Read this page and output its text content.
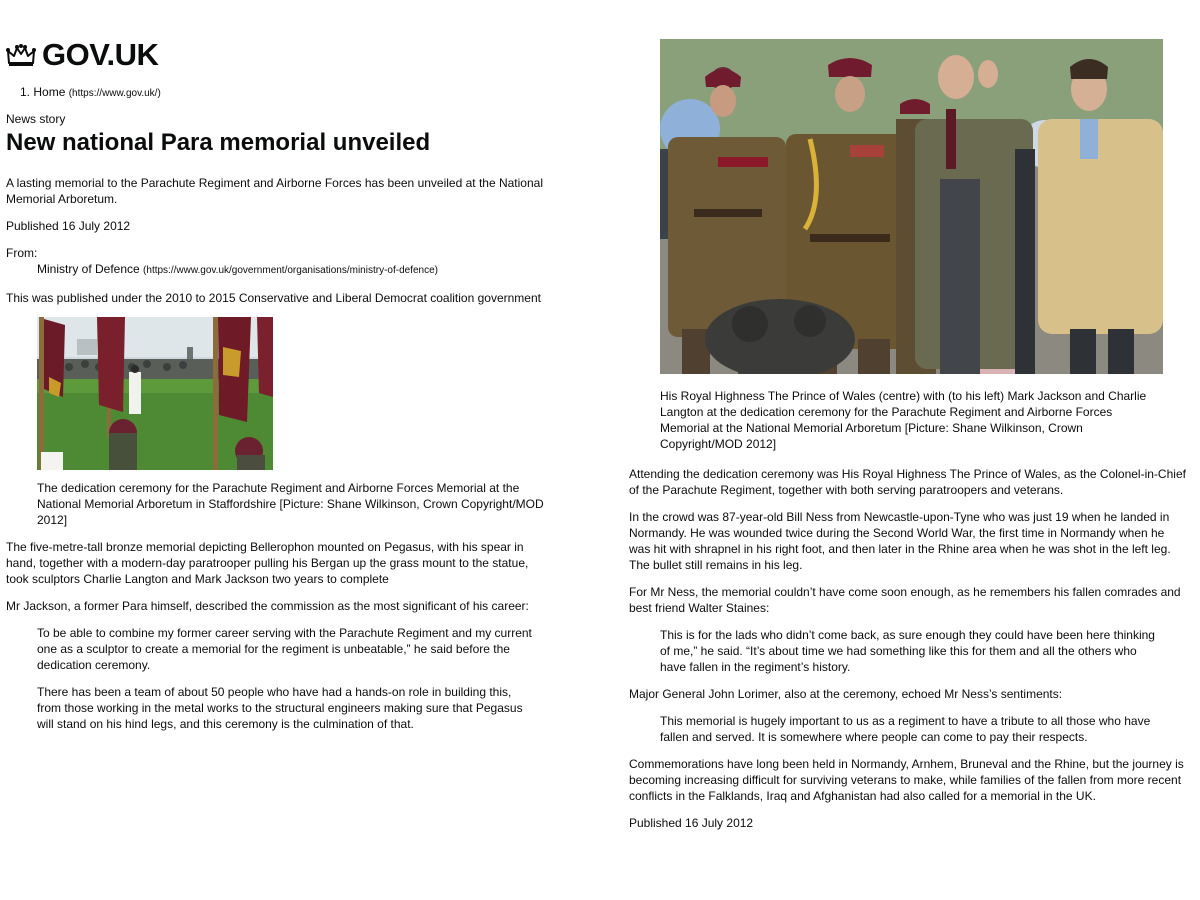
GOV.UK
1. Home (https://www.gov.uk/)
News story
New national Para memorial unveiled

A lasting memorial to the Parachute Regiment and Airborne Forces has been unveiled at the National Memorial Arboretum.

Published 16 July 2012

From:

Ministry of Defence (https://www.gov.uk/government/organisations/ministry-of-defence)

This was published under the 2010 to 2015 Conservative and Liberal Democrat coalition government

The dedication ceremony for the Parachute Regiment and Airborne Forces Memorial at the National Memorial Arboretum in Staffordshire [Picture: Shane Wilkinson, Crown Copyright/MOD 2012]

The five-metre-tall bronze memorial depicting Bellerophon mounted on Pegasus, with his spear in hand, together with a modern-day paratrooper pulling his Bergan up the grass mount to the statue, took sculptors Charlie Langton and Mark Jackson two years to complete

Mr Jackson, a former Para himself, described the commission as the most significant of his career:

To be able to combine my former career serving with the Parachute Regiment and my current one as a sculptor to create a memorial for the regiment is unbeatable,” he said before the dedication ceremony.

There has been a team of about 50 people who have had a hands-on role in building this, from those working in the metal works to the structural engineers making sure that Pegasus will stand on his hind legs, and this ceremony is the culmination of that.

His Royal Highness The Prince of Wales (centre) with (to his left) Mark Jackson and Charlie Langton at the dedication ceremony for the Parachute Regiment and Airborne Forces Memorial at the National Memorial Arboretum [Picture: Shane Wilkinson, Crown Copyright/MOD 2012]

Attending the dedication ceremony was His Royal Highness The Prince of Wales, as the Colonel-in-Chief of the Parachute Regiment, together with both serving paratroopers and veterans.

In the crowd was 87-year-old Bill Ness from Newcastle-upon-Tyne who was just 19 when he landed in Normandy. He was wounded twice during the Second World War, the first time in Normandy when he was hit with shrapnel in his right foot, and then later in the Rhine area when he was shot in the left leg. The bullet still remains in his leg.

For Mr Ness, the memorial couldn’t have come soon enough, as he remembers his fallen comrades and best friend Walter Staines:

This is for the lads who didn’t come back, as sure enough they could have been here thinking of me,” he said. “It’s about time we had something like this for them and all the others who have fallen in the regiment’s history.

Major General John Lorimer, also at the ceremony, echoed Mr Ness’s sentiments:

This memorial is hugely important to us as a regiment to have a tribute to all those who have fallen and served. It is somewhere where people can come to pay their respects.

Commemorations have long been held in Normandy, Arnhem, Bruneval and the Rhine, but the journey is becoming increasing difficult for surviving veterans to make, while families of the fallen from more recent conflicts in the Falklands, Iraq and Afghanistan had also called for a memorial in the UK.

Published 16 July 2012
